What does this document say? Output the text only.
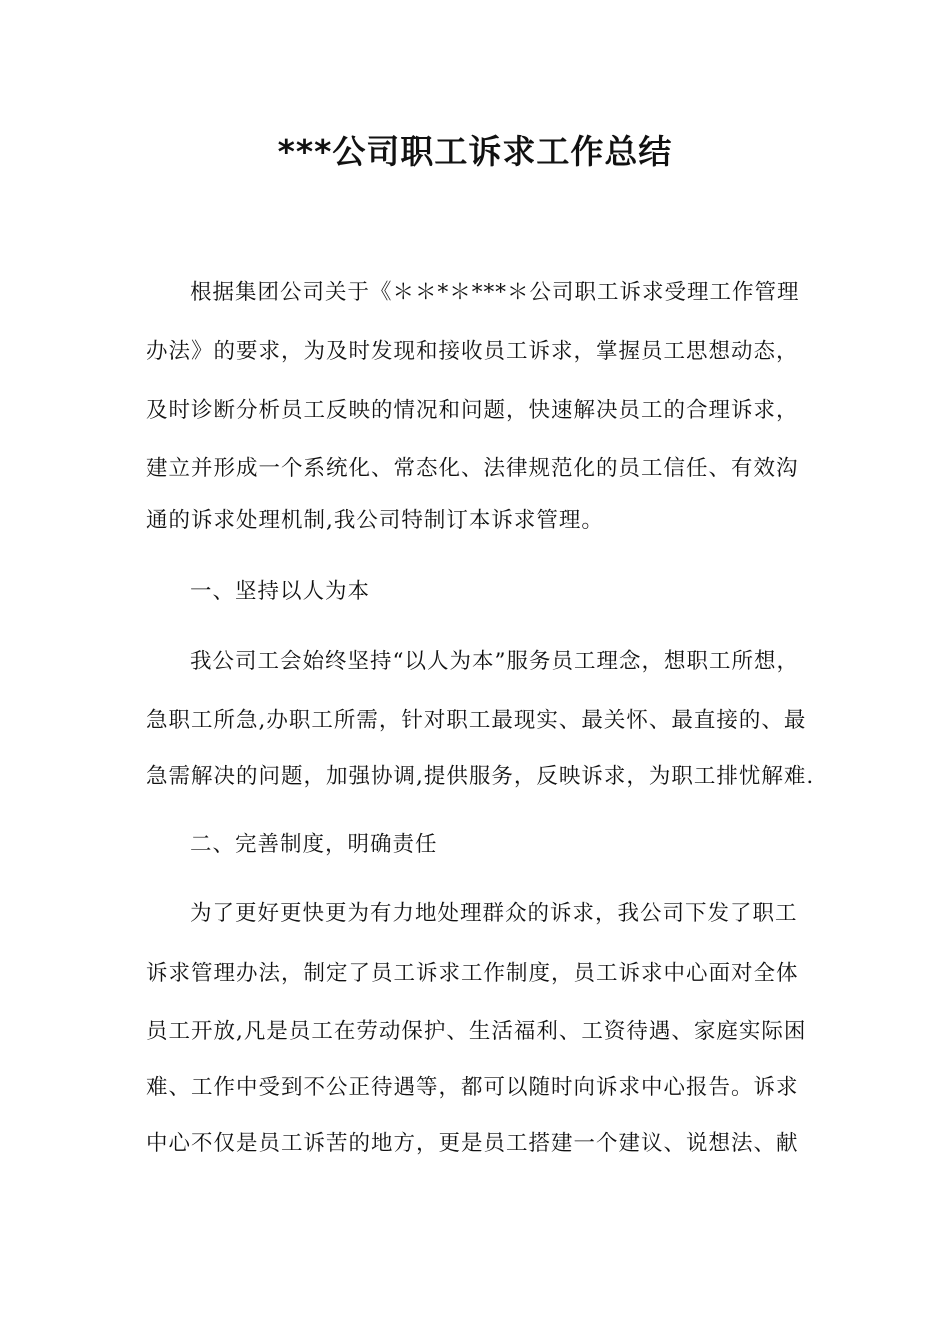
***公司职工诉求工作总结
根据集团公司关于《＊＊*＊***＊公司职工诉求受理工作管理
办法》的要求，为及时发现和接收员工诉求，掌握员工思想动态，
及时诊断分析员工反映的情况和问题，快速解决员工的合理诉求，
建立并形成一个系统化、常态化、法律规范化的员工信任、有效沟
通的诉求处理机制,我公司特制订本诉求管理。
一、坚持以人为本
我公司工会始终坚持“以人为本”服务员工理念，想职工所想，
急职工所急,办职工所需，针对职工最现实、最关怀、最直接的、最
急需解决的问题，加强协调,提供服务，反映诉求，为职工排忧解难.
二、完善制度，明确责任
为了更好更快更为有力地处理群众的诉求，我公司下发了职工
诉求管理办法，制定了员工诉求工作制度，员工诉求中心面对全体
员工开放,凡是员工在劳动保护、生活福利、工资待遇、家庭实际困
难、工作中受到不公正待遇等，都可以随时向诉求中心报告。诉求
中心不仅是员工诉苦的地方，更是员工搭建一个建议、说想法、献
